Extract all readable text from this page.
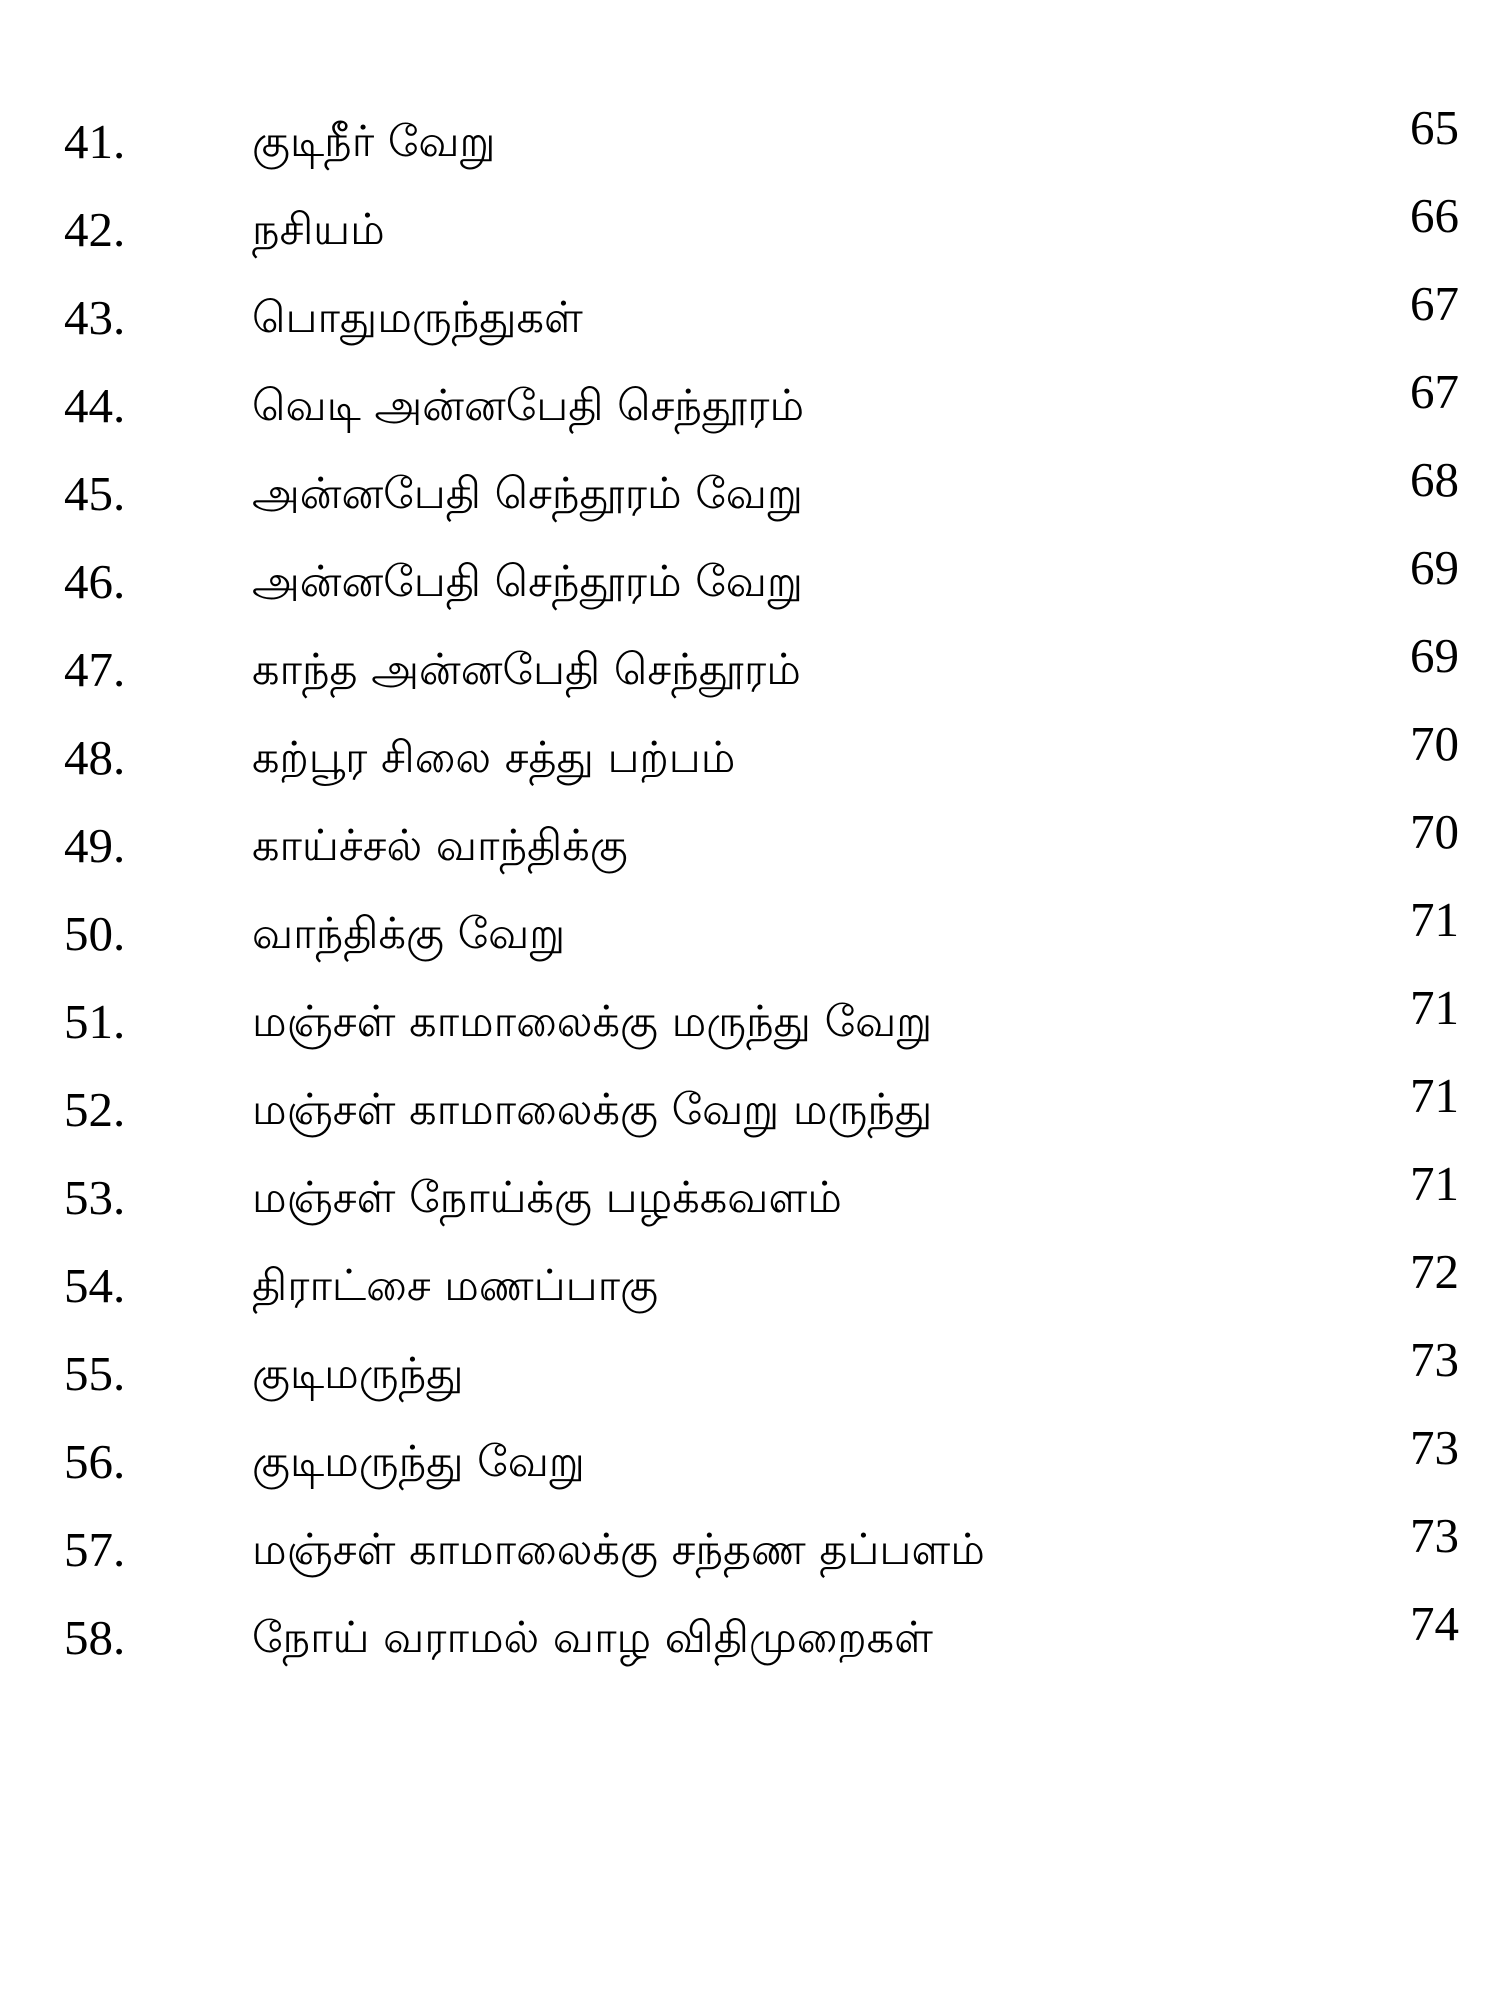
41.	குடிநீர் வேறு	65
42.	நசியம்	66
43.	பொதுமருந்துகள்	67
44.	வெடி அன்னபேதி செந்தூரம்	67
45.	அன்னபேதி செந்தூரம் வேறு	68
46.	அன்னபேதி செந்தூரம் வேறு	69
47.	காந்த அன்னபேதி செந்தூரம்	69
48.	கற்பூர சிலை சத்து பற்பம்	70
49.	காய்ச்சல் வாந்திக்கு	70
50.	வாந்திக்கு வேறு	71
51.	மஞ்சள் காமாலைக்கு மருந்து வேறு	71
52.	மஞ்சள் காமாலைக்கு வேறு மருந்து	71
53.	மஞ்சள் நோய்க்கு பழக்கவளம்	71
54.	திராட்சை மணப்பாகு	72
55.	குடிமருந்து	73
56.	குடிமருந்து வேறு	73
57.	மஞ்சள் காமாலைக்கு சந்தண தப்பளம்	73
58.	நோய் வராமல் வாழ விதிமுறைகள்	74
